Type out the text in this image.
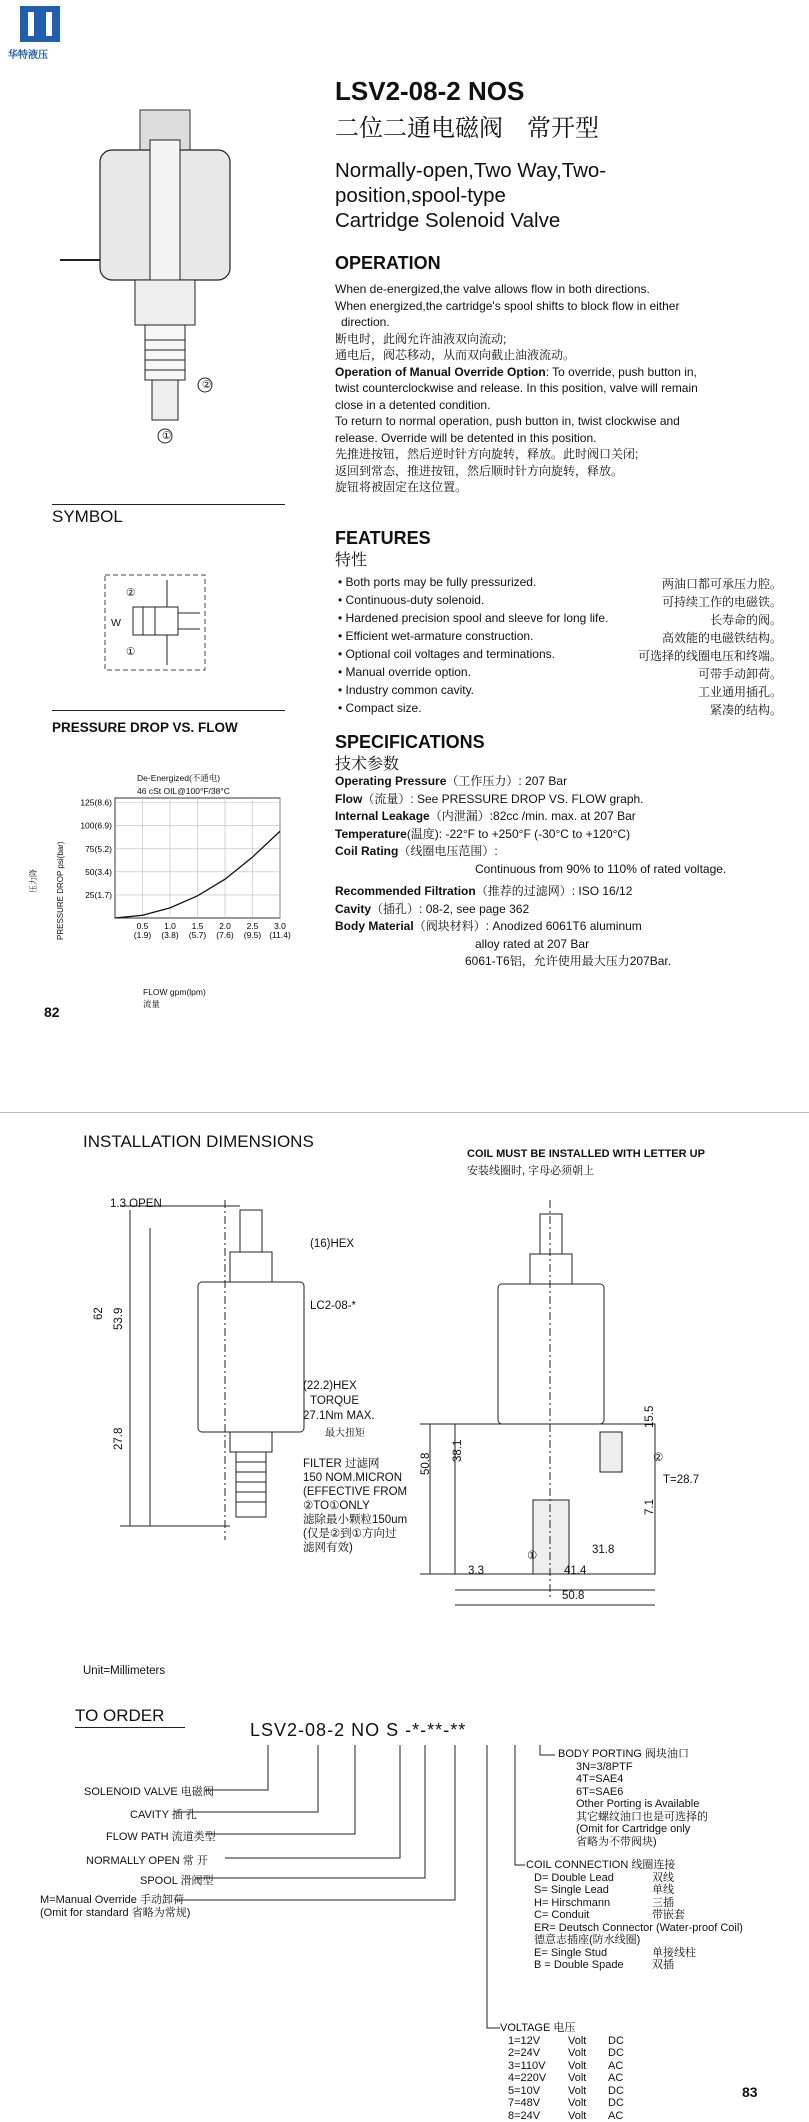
华特液压
②
①
LSV2-08-2 NOS
二位二通电磁阀　常开型
Normally-open,Two Way,Two-
position,spool-type
Cartridge Solenoid Valve
OPERATION
When de-energized,the valve allows flow in both directions.
When energized,the cartridge's spool shifts to block flow in either
direction.
断电时，此阀允许油液双向流动;
通电后，阀芯移动，从而双向截止油液流动。
Operation of Manual Override Option: To override, push button in,
twist counterclockwise and release. In this position, valve will remain
close in a detented condition.
To return to normal operation, push button in, twist clockwise and
release. Override will be detented in this position.
先推进按钮，然后逆时针方向旋转，释放。此时阀口关闭;
返回到常态，推进按钮，然后顺时针方向旋转，释放。
旋钮将被固定在这位置。
SYMBOL
②
W
①
PRESSURE DROP VS. FLOW
De-Energized(不通电)
46 cSt OIL@100°F/38°C
压力降 PRESSURE DROP psi(bar)
125(8.6)
100(6.9)
75(5.2)
50(3.4)
25(1.7)
0.5
(1.9)
1.0
(3.8)
1.5
(5.7)
2.0
(7.6)
2.5
(9.5)
3.0
(11.4)
FLOW gpm(lpm)
流量
FEATURES
特性
• Both ports may be fully pressurized.	两油口都可承压力腔。
• Continuous-duty solenoid.	可持续工作的电磁铁。
• Hardened precision spool and sleeve for long life.	长寿命的阀。
• Efficient wet-armature construction.	高效能的电磁铁结构。
• Optional coil voltages and terminations.	可选择的线圈电压和终端。
• Manual override option.	可带手动卸荷。
• Industry common cavity.	工业通用插孔。
• Compact size.	紧凑的结构。
SPECIFICATIONS
技术参数
Operating Pressure（工作压力）: 207 Bar
Flow（流量）: See PRESSURE DROP VS. FLOW graph.
Internal Leakage（内泄漏）:82cc /min. max. at 207 Bar
Temperature(温度): -22°F to +250°F (-30°C to +120°C)
Coil Rating（线圈电压范围）:
Continuous from 90% to 110% of rated voltage.
Recommended Filtration（推荐的过滤网）: ISO 16/12
Cavity（插孔）: 08-2, see page 362
Body Material（阀块材料）: Anodized 6061T6 aluminum
alloy rated at 207 Bar
6061-T6铝，允许使用最大压力207Bar.
82
INSTALLATION DIMENSIONS
COIL MUST BE INSTALLED WITH LETTER UP
安装线圈时, 字母必须朝上
1.3 OPEN
(16)HEX
LC2-08-*
62 53.9
(22.2)HEX
TORQUE
27.1Nm MAX.
最大扭矩
27.8
FILTER 过滤网
150 NOM.MICRON
(EFFECTIVE FROM
②TO①ONLY
滤除最小颗粒150um
(仅是②到①方向过
滤网有效)
50.8
38.1
15.5
T=28.7
7.1
31.8
3.3	41.4
50.8
①
②
Unit=Millimeters
TO ORDER
LSV2-08-2 NO S -*-**-**
SOLENOID VALVE 电磁阀
CAVITY 插 孔
FLOW PATH 流道类型
NORMALLY OPEN 常 开
SPOOL 滑阀型
M=Manual Override 手动卸荷
(Omit for standard 省略为常规)
BODY PORTING 阀块油口
3N=3/8PTF
4T=SAE4
6T=SAE6
Other Porting is Available
其它螺纹油口也是可选择的
(Omit for Cartridge only
省略为不带阀块)
COIL CONNECTION 线圈连接
D= Double Lead	双线
S= Single Lead	单线
H= Hirschmann	三插
C= Conduit	带嵌套
ER= Deutsch Connector (Water-proof Coil)
德意志插座(防水线圈)
E= Single Stud	单接线柱
B = Double Spade	双插
VOLTAGE 电压
1=12V	Volt	DC
2=24V	Volt	DC
3=110V	Volt	AC
4=220V	Volt	AC
5=10V	Volt	DC
7=48V	Volt	DC
8=24V	Volt	AC
83
